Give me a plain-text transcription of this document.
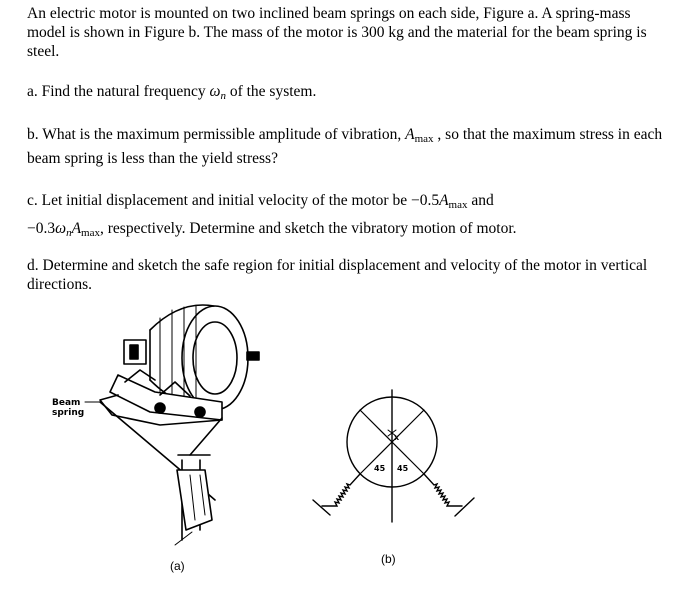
An electric motor is mounted on two inclined beam springs on each side, Figure a. A spring-mass model is shown in Figure b. The mass of the motor is 300 kg and the material for the beam spring is steel.

a. Find the natural frequency ωn of the system.

b. What is the maximum permissible amplitude of vibration, $A_{max}$ , so that the maximum stress in each beam spring is less than the yield stress?

c. Let initial displacement and initial velocity of the motor be $-0.5A_{max}$ and
−0.3ωnA$_{max}$, respectively. Determine and sketch the vibratory motion of motor.

d. Determine and sketch the safe region for initial displacement and velocity of the motor in vertical directions.

Beam
spring
(a)
45 45
x
(b)
